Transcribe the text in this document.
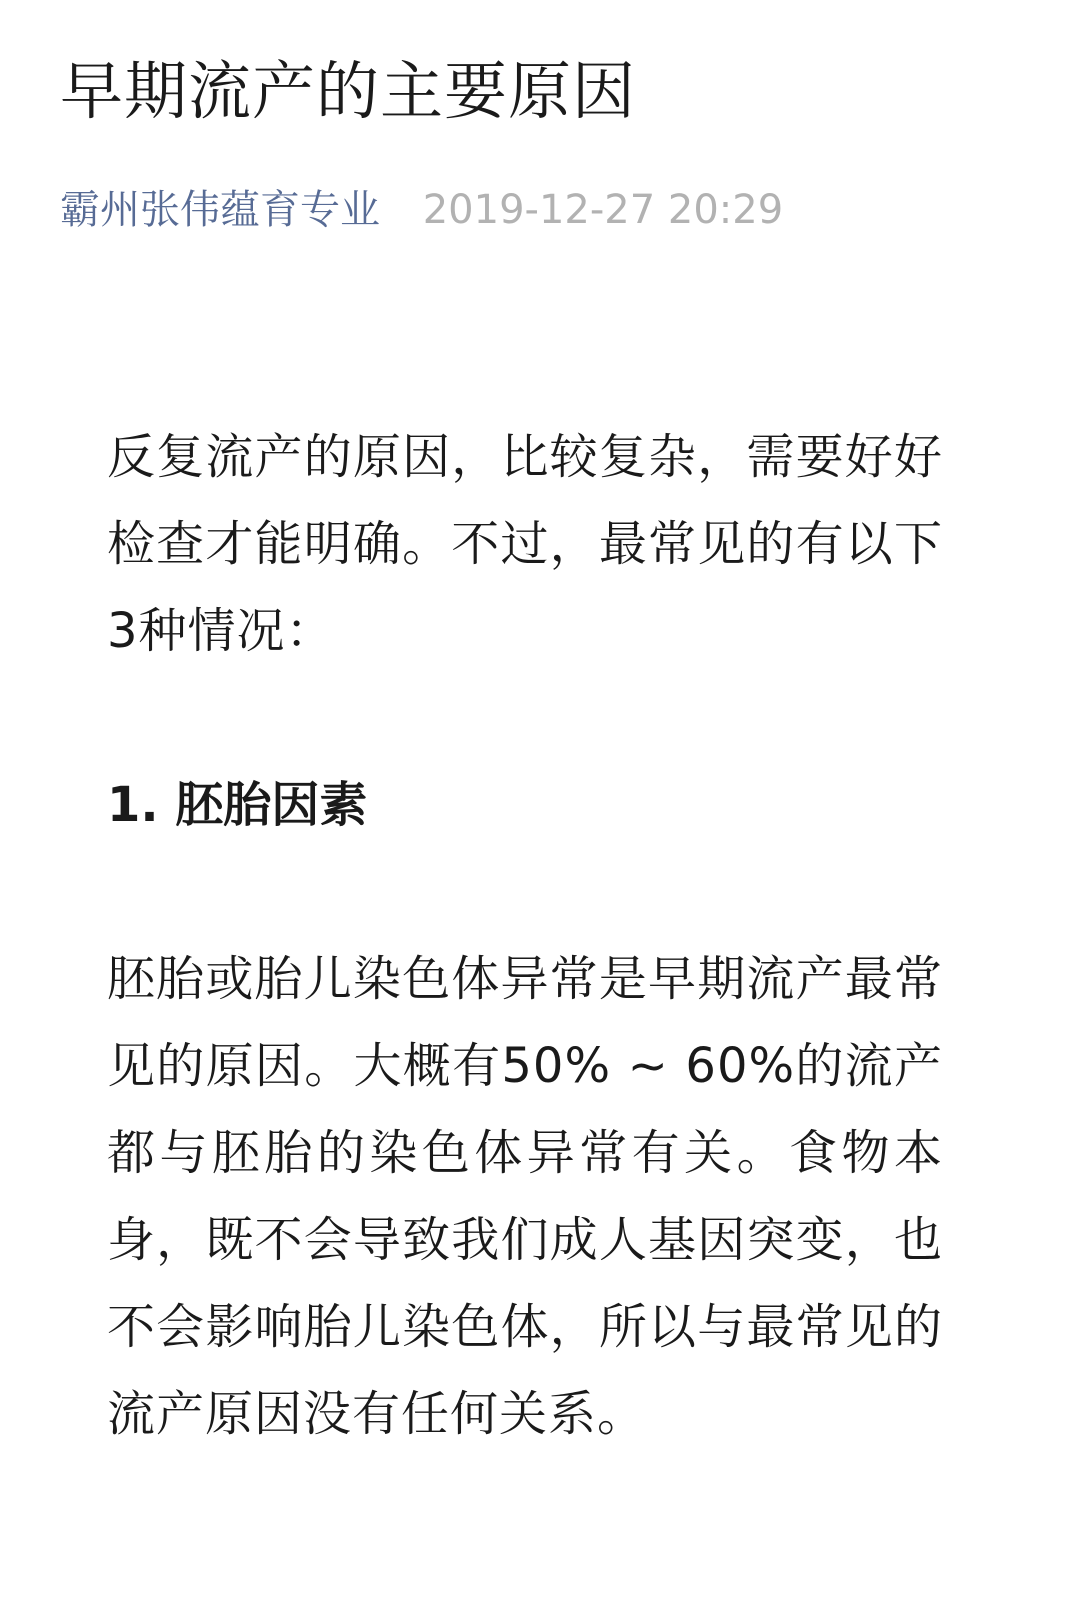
早期流产的主要原因
霸州张伟蕴育专业 2019-12-27 20:29

反复流产的原因，比较复杂，需要好好检查才能明确。不过，最常见的有以下3种情况：

1. 胚胎因素

胚胎或胎儿染色体异常是早期流产最常见的原因。大概有50% ~ 60%的流产都与胚胎的染色体异常有关。食物本身，既不会导致我们成人基因突变，也不会影响胎儿染色体，所以与最常见的流产原因没有任何关系。
